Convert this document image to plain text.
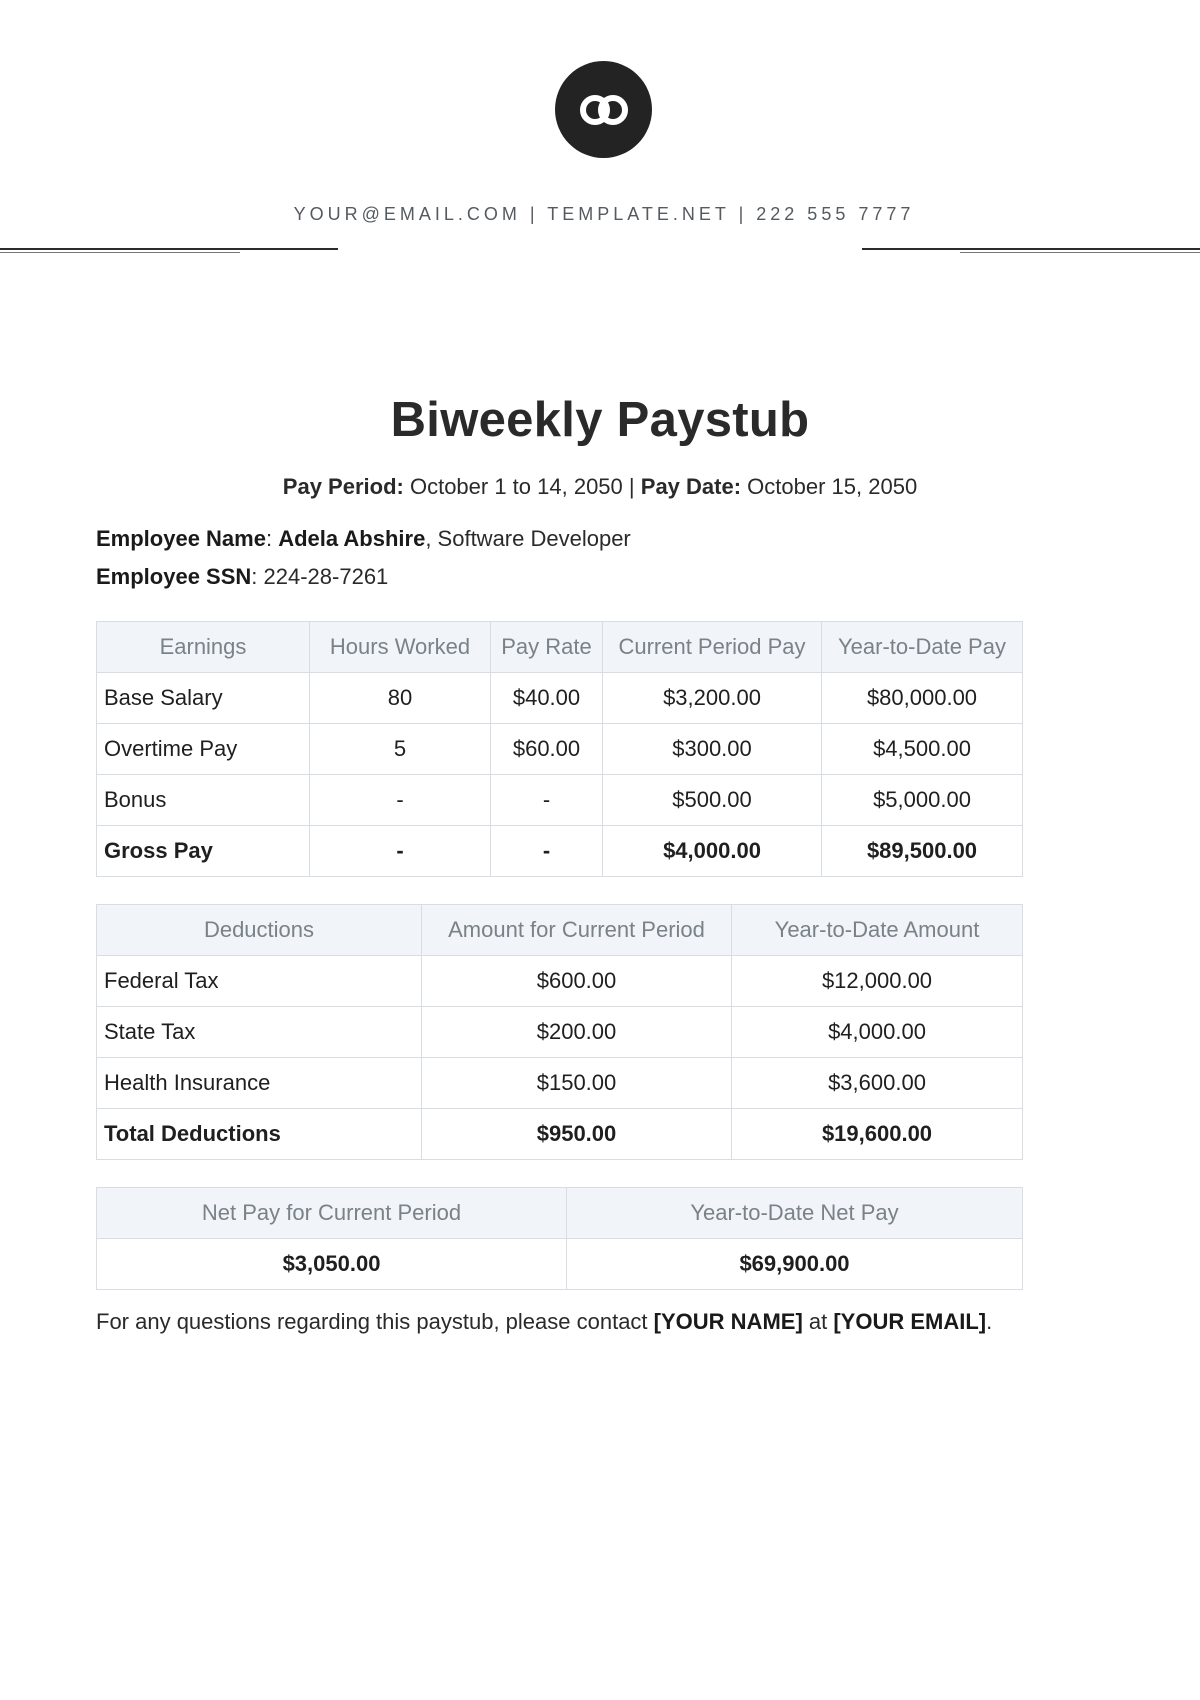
YOUR@EMAIL.COM | TEMPLATE.NET | 222 555 7777
Biweekly Paystub
Pay Period: October 1 to 14, 2050 | Pay Date: October 15, 2050
Employee Name: Adela Abshire, Software Developer
Employee SSN: 224-28-7261
Earnings	Hours Worked	Pay Rate	Current Period Pay	Year-to-Date Pay
Base Salary	80	$40.00	$3,200.00	$80,000.00
Overtime Pay	5	$60.00	$300.00	$4,500.00
Bonus	-	-	$500.00	$5,000.00
Gross Pay	-	-	$4,000.00	$89,500.00
Deductions	Amount for Current Period	Year-to-Date Amount
Federal Tax	$600.00	$12,000.00
State Tax	$200.00	$4,000.00
Health Insurance	$150.00	$3,600.00
Total Deductions	$950.00	$19,600.00
Net Pay for Current Period	Year-to-Date Net Pay
$3,050.00	$69,900.00
For any questions regarding this paystub, please contact [YOUR NAME] at [YOUR EMAIL].
